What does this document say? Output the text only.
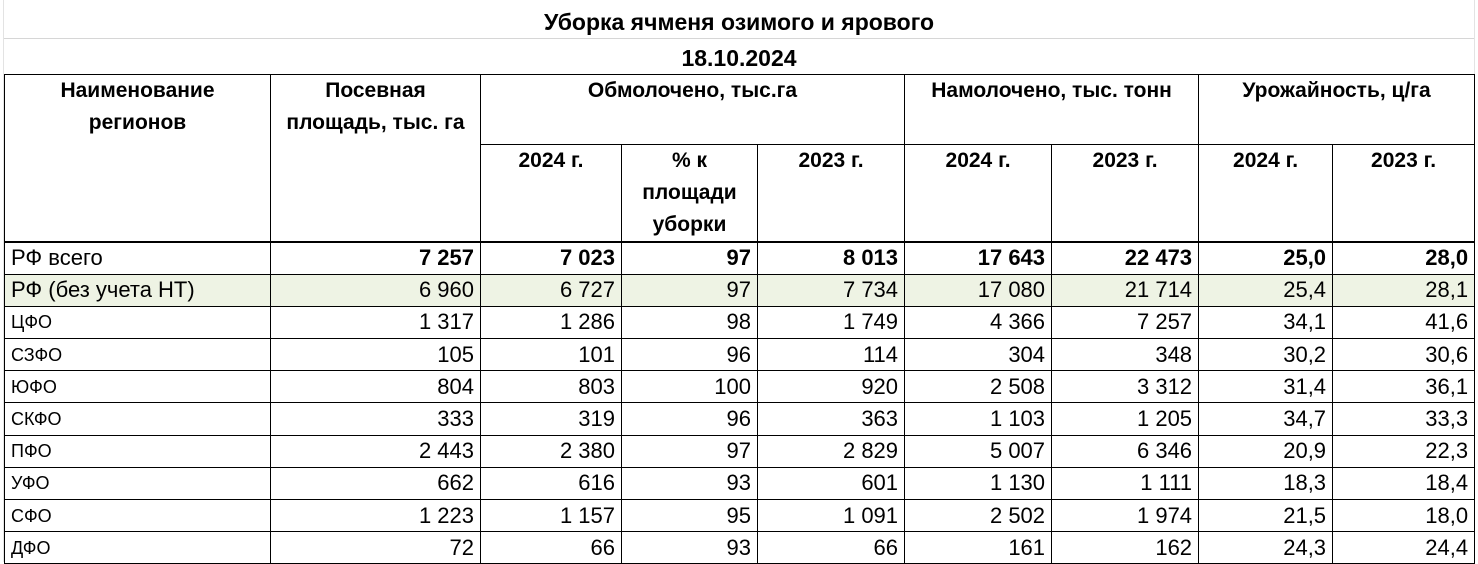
Уборка ячменя озимого и ярового
18.10.2024
Наименование регионов	Посевная площадь, тыс. га	Обмолочено, тыс.га			Намолочено, тыс. тонн		Урожайность, ц/га	
		2024 г.	% к площади уборки	2023 г.	2024 г.	2023 г.	2024 г.	2023 г.
РФ всего	7 257	7 023	97	8 013	17 643	22 473	25,0	28,0
РФ (без учета НТ)	6 960	6 727	97	7 734	17 080	21 714	25,4	28,1
ЦФО	1 317	1 286	98	1 749	4 366	7 257	34,1	41,6
СЗФО	105	101	96	114	304	348	30,2	30,6
ЮФО	804	803	100	920	2 508	3 312	31,4	36,1
СКФО	333	319	96	363	1 103	1 205	34,7	33,3
ПФО	2 443	2 380	97	2 829	5 007	6 346	20,9	22,3
УФО	662	616	93	601	1 130	1 111	18,3	18,4
СФО	1 223	1 157	95	1 091	2 502	1 974	21,5	18,0
ДФО	72	66	93	66	161	162	24,3	24,4
